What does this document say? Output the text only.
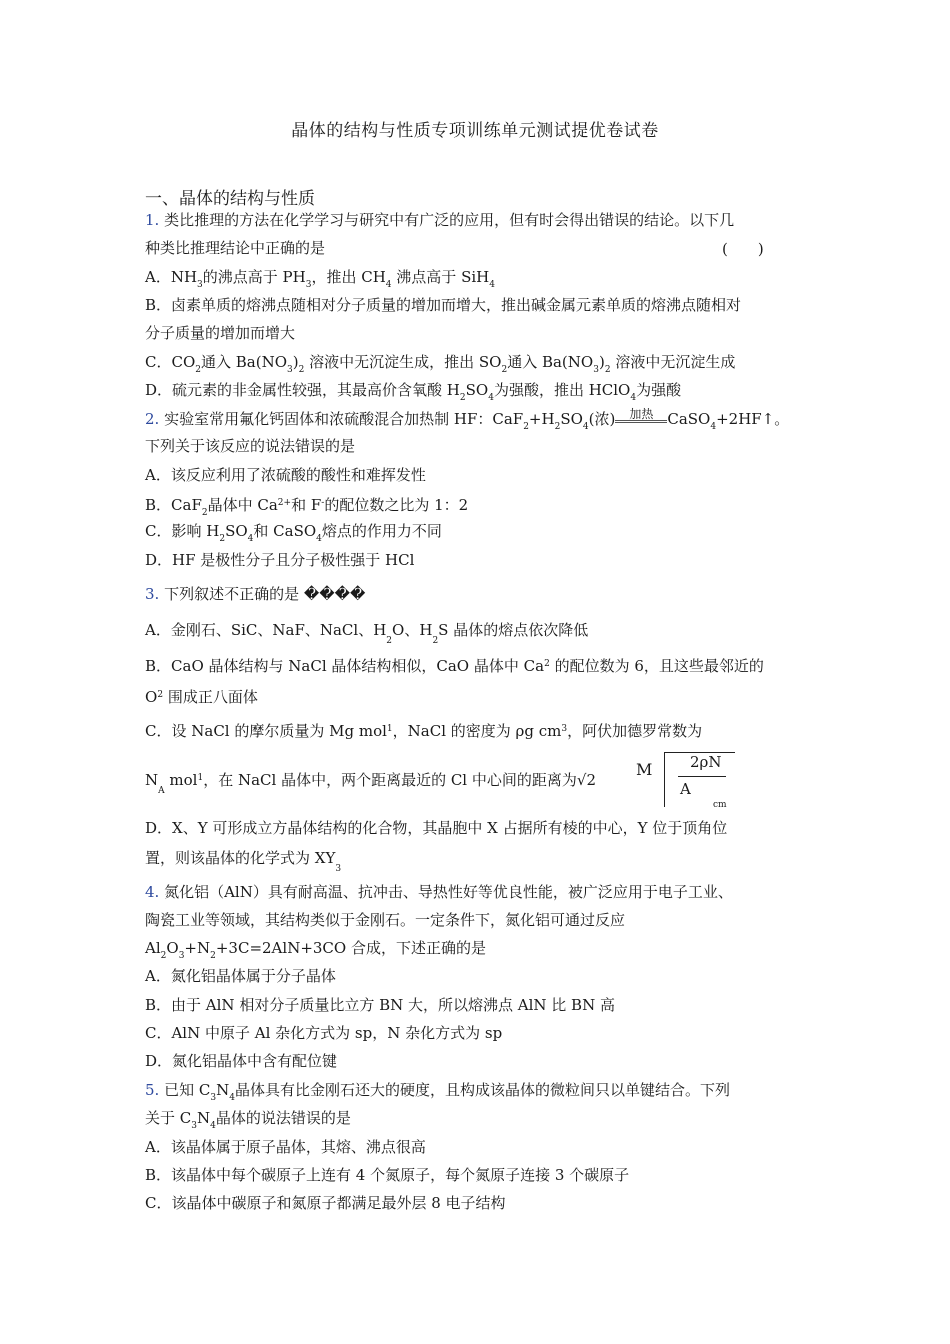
晶体的结构与性质专项训练单元测试提优卷试卷
一、晶体的结构与性质
1. 类比推理的方法在化学学习与研究中有广泛的应用，但有时会得出错误的结论。以下几
种类比推理结论中正确的是	(　　)
A．$NH_3$的沸点高于 $PH_3$，推出 $CH_4$ 沸点高于 SiH$_4$
B．卤素单质的熔沸点随相对分子质量的增加而增大，推出碱金属元素单质的熔沸点随相对
分子质量的增加而增大
C．$CO_2$通入 $Ba(NO_3)_2$ 溶液中无沉淀生成，推出 $SO_2$通入 $Ba(NO_3)_2$ 溶液中无沉淀生成
D．硫元素的非金属性较强，其最高价含氧酸 $H_2SO_4$为强酸，推出 HClO$_4$为强酸
2. 实验室常用氟化钙固体和浓硫酸混合加热制 HF：$CaF_2+H_2SO_4$(浓) 加热 CaSO$_4$+2HF↑。
下列关于该反应的说法错误的是
A．该反应利用了浓硫酸的酸性和难挥发性
B．CaF$_2$晶体中 $Ca^{2+}$和 F-的配位数之比为 1：2
C．影响 $H_2SO_4$和 CaSO$_4$熔点的作用力不同
D．HF 是极性分子且分子极性强于 HCl
3. 下列叙述不正确的是 ����
A．金刚石、SiC、NaF、NaCl、$H_2O$、$H_2S$ 晶体的熔点依次降低
B．CaO 晶体结构与 NaCl 晶体结构相似，CaO 晶体中 Ca$^2$ 的配位数为 6，且这些最邻近的
$O^2$ 围成正八面体
C．设 NaCl 的摩尔质量为 Mg mol$^1$，NaCl 的密度为 ρg $cm^3$，阿伏加德罗常数为
$N_A$ mol$^1$，在 NaCl 晶体中，两个距离最近的 Cl 中心间的距离为√2
M	2ρN
A
cm
D．X、Y 可形成立方晶体结构的化合物，其晶胞中 X 占据所有棱的中心，Y 位于顶角位
置，则该晶体的化学式为 $XY_3$
4. 氮化铝（AlN）具有耐高温、抗冲击、导热性好等优良性能，被广泛应用于电子工业、
陶瓷工业等领域，其结构类似于金刚石。一定条件下，氮化铝可通过反应
$Al_2O_3+N_2+3C=2AlN+3CO$ 合成，下述正确的是
A．氮化铝晶体属于分子晶体
B．由于 AlN 相对分子质量比立方 BN 大，所以熔沸点 AlN 比 BN 高
C．AlN 中原子 Al 杂化方式为 sp，N 杂化方式为 sp
D．氮化铝晶体中含有配位键
5. 已知 $C_3N_4$晶体具有比金刚石还大的硬度，且构成该晶体的微粒间只以单键结合。下列
关于 $C_3N_4$晶体的说法错误的是
A．该晶体属于原子晶体，其熔、沸点很高
B．该晶体中每个碳原子上连有 4 个氮原子，每个氮原子连接 3 个碳原子
C．该晶体中碳原子和氮原子都满足最外层 8 电子结构
